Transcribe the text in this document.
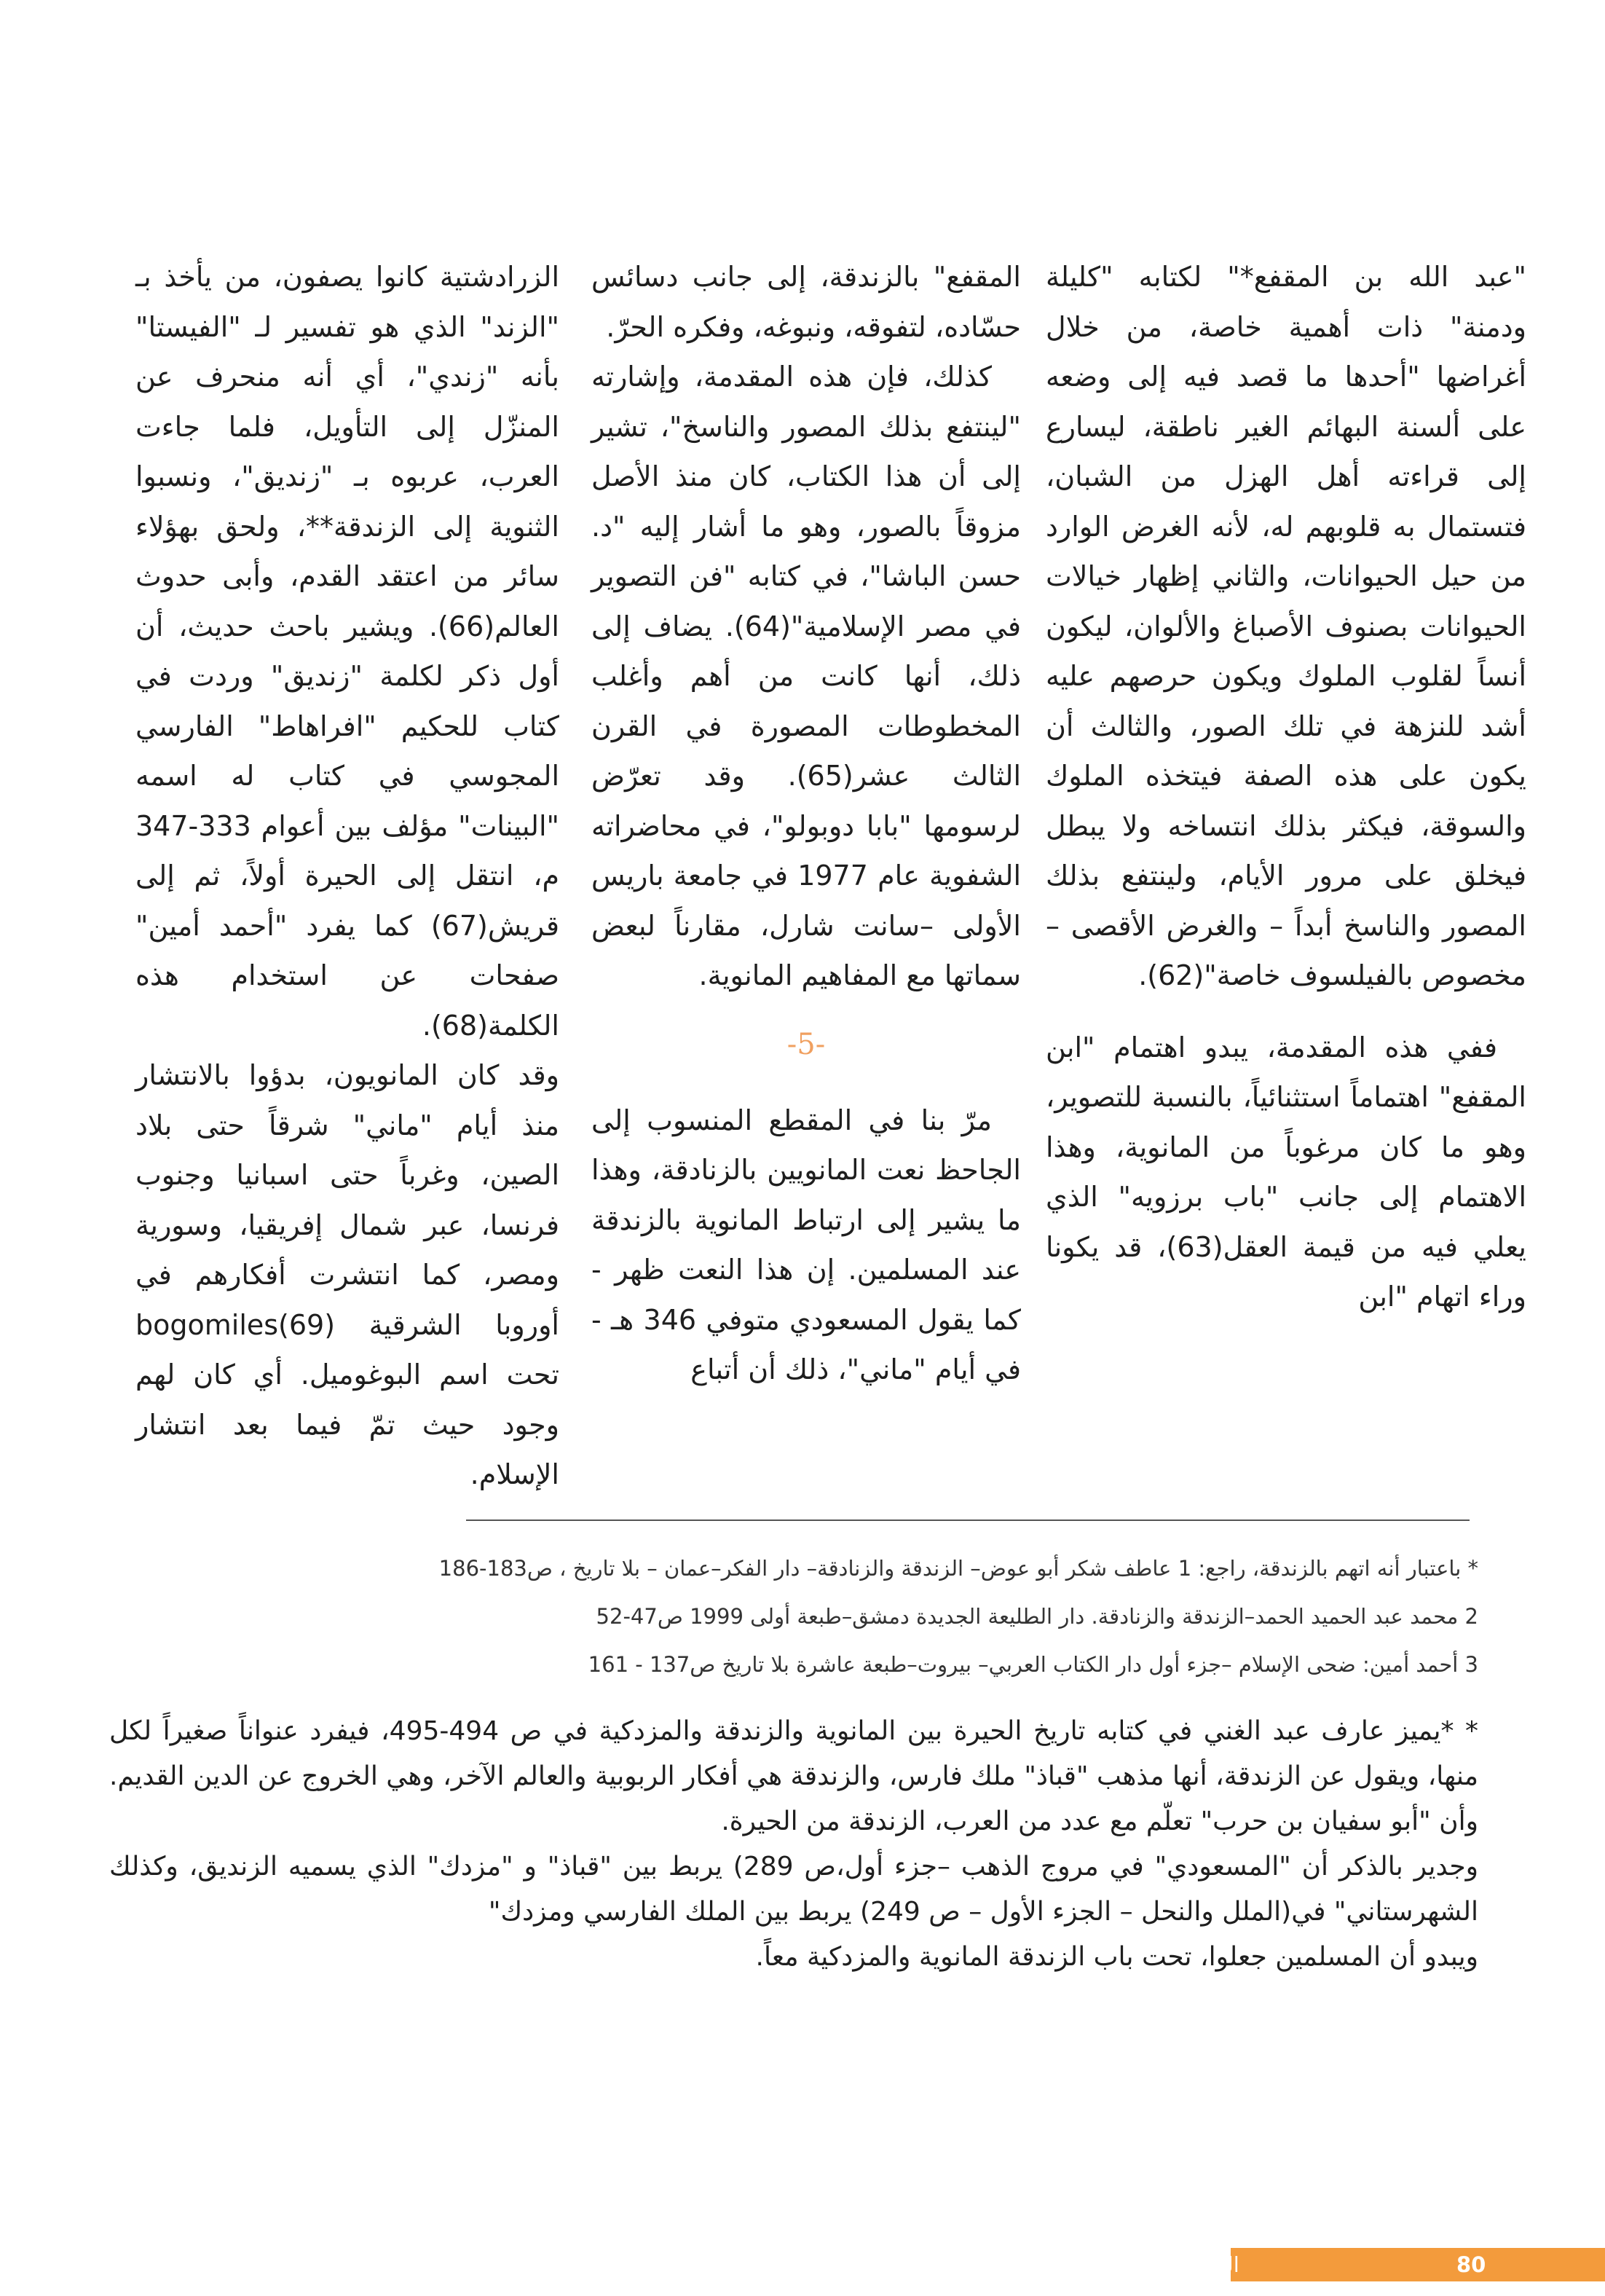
"عبد الله بن المقفع*" لكتابه "كليلة ودمنة" ذات أهمية خاصة، من خلال أغراضها "أحدها ما قصد فيه إلى وضعه على ألسنة البهائم الغير ناطقة، ليسارع إلى قراءته أهل الهزل من الشبان، فتستمال به قلوبهم له، لأنه الغرض الوارد من حيل الحيوانات، والثاني إظهار خيالات الحيوانات بصنوف الأصباغ والألوان، ليكون أنساً لقلوب الملوك ويكون حرصهم عليه أشد للنزهة في تلك الصور، والثالث أن يكون على هذه الصفة فيتخذه الملوك والسوقة، فيكثر بذلك انتساخه ولا يبطل فيخلق على مرور الأيام، ولينتفع بذلك المصور والناسخ أبداً – والغرض الأقصى – مخصوص بالفيلسوف خاصة"(62).

ففي هذه المقدمة، يبدو اهتمام "ابن المقفع" اهتماماً استثنائياً، بالنسبة للتصوير، وهو ما كان مرغوباً من المانوية، وهذا الاهتمام إلى جانب "باب برزويه" الذي يعلي فيه من قيمة العقل(63)، قد يكونا وراء اتهام "ابن

المقفع" بالزندقة، إلى جانب دسائس حسّاده، لتفوقه، ونبوغه، وفكره الحرّ.

كذلك، فإن هذه المقدمة، وإشارته "لينتفع بذلك المصور والناسخ"، تشير إلى أن هذا الكتاب، كان منذ الأصل مزوقاً بالصور، وهو ما أشار إليه "د. حسن الباشا"، في كتابه "فن التصوير في مصر الإسلامية"(64). يضاف إلى ذلك، أنها كانت من أهم وأغلب المخطوطات المصورة في القرن الثالث عشر(65). وقد تعرّض لرسومها "بابا دوبولو"، في محاضراته الشفوية عام 1977 في جامعة باريس الأولى –سانت شارل، مقارناً لبعض سماتها مع المفاهيم المانوية.

-5-

مرّ بنا في المقطع المنسوب إلى الجاحظ نعت المانويين بالزنادقة، وهذا ما يشير إلى ارتباط المانوية بالزندقة عند المسلمين. إن هذا النعت ظهر - كما يقول المسعودي متوفي 346 هـ - في أيام "ماني"، ذلك أن أتباع

الزرادشتية كانوا يصفون، من يأخذ بـ "الزند" الذي هو تفسير لـ "الفيستا" بأنه "زندي"، أي أنه منحرف عن المنزّل إلى التأويل، فلما جاءت العرب، عربوه بـ "زنديق"، ونسبوا الثنوية إلى الزندقة**، ولحق بهؤلاء سائر من اعتقد القدم، وأبى حدوث العالم(66). ويشير باحث حديث، أن أول ذكر لكلمة "زنديق" وردت في كتاب للحكيم "افراهاط" الفارسي المجوسي في كتاب له اسمه "البينات" مؤلف بين أعوام 333-347 م، انتقل إلى الحيرة أولاً، ثم إلى قريش(67) كما يفرد "أحمد أمين" صفحات عن استخدام هذه الكلمة(68).

وقد كان المانويون، بدؤوا بالانتشار منذ أيام "ماني" شرقاً حتى بلاد الصين، وغرباً حتى اسبانيا وجنوب فرنسا، عبر شمال إفريقيا، وسورية ومصر، كما انتشرت أفكارهم في أوروبا الشرقية bogomiles(69) تحت اسم البوغوميل. أي كان لهم وجود حيث تمّ فيما بعد انتشار الإسلام.

* باعتبار أنه اتهم بالزندقة، راجع: 1 عاطف شكر أبو عوض– الزندقة والزنادقة– دار الفكر–عمان – بلا تاريخ ، ص183-186

2 محمد عبد الحميد الحمد–الزندقة والزنادقة. دار الطليعة الجديدة دمشق–طبعة أولى 1999 ص47-52

3 أحمد أمين: ضحى الإسلام –جزء أول دار الكتاب العربي– بيروت–طبعة عاشرة بلا تاريخ ص137 - 161

* *يميز عارف عبد الغني في كتابه تاريخ الحيرة بين المانوية والزندقة والمزدكية في ص 494-495، فيفرد عنواناً صغيراً لكل منها، ويقول عن الزندقة، أنها مذهب "قباذ" ملك فارس، والزندقة هي أفكار الربوبية والعالم الآخر، وهي الخروج عن الدين القديم. وأن "أبو سفيان بن حرب" تعلّم مع عدد من العرب، الزندقة من الحيرة.

وجدير بالذكر أن "المسعودي" في مروج الذهب –جزء أول،ص 289) يربط بين "قباذ" و "مزدك" الذي يسميه الزنديق، وكذلك الشهرستاني" في(الملل والنحل – الجزء الأول – ص 249) يربط بين الملك الفارسي ومزدك"

ويبدو أن المسلمين جعلوا، تحت باب الزندقة المانوية والمزدكية معاً.

80
الحياة التشكيلية
